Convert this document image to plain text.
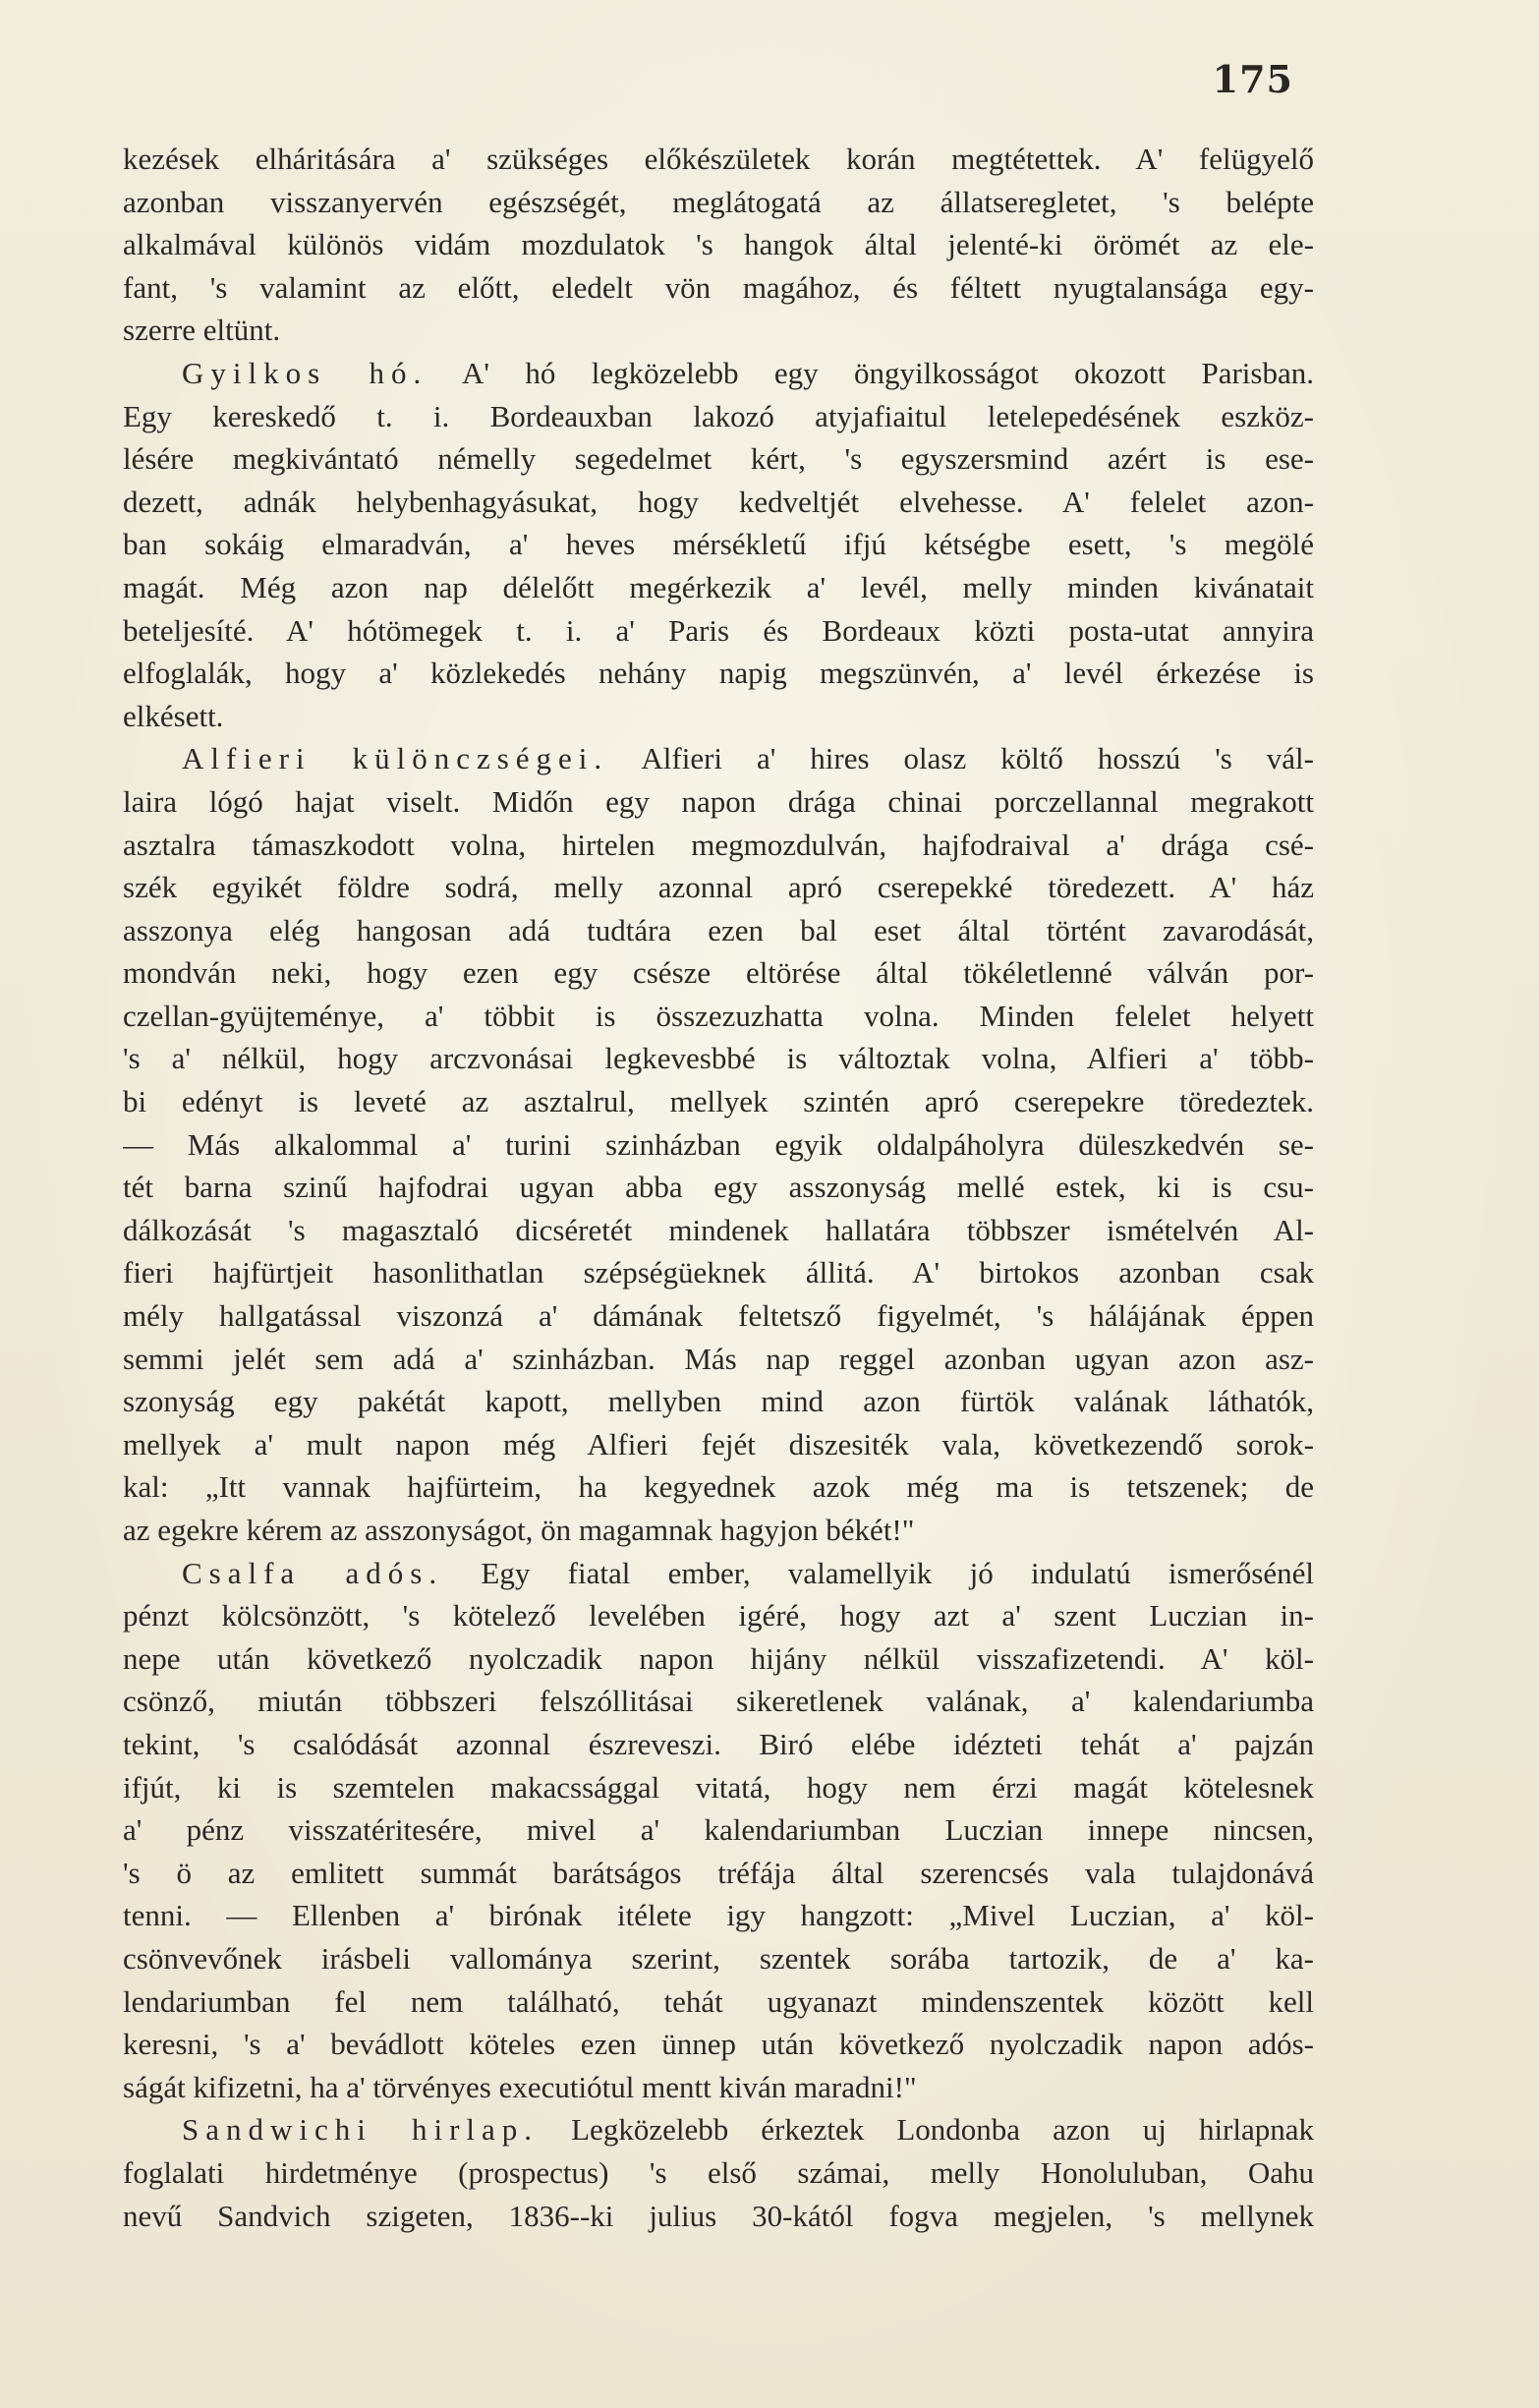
175
kezések elháritására a' szükséges előkészületek korán megtétettek. A' felügyelő
azonban visszanyervén egészségét, meglátogatá az állatseregletet, 's belépte
alkalmával különös vidám mozdulatok 's hangok által jelenté-ki örömét az ele-
fant, 's valamint az előtt, eledelt vön magához, és féltett nyugtalansága egy-
szerre eltünt.
Gyilkos hó. A' hó legközelebb egy öngyilkosságot okozott Parisban.
Egy kereskedő t. i. Bordeauxban lakozó atyjafiaitul letelepedésének eszköz-
lésére megkivántató némelly segedelmet kért, 's egyszersmind azért is ese-
dezett, adnák helybenhagyásukat, hogy kedveltjét elvehesse. A' felelet azon-
ban sokáig elmaradván, a' heves mérsékletű ifjú kétségbe esett, 's megölé
magát. Még azon nap délelőtt megérkezik a' levél, melly minden kivánatait
beteljesíté. A' hótömegek t. i. a' Paris és Bordeaux közti posta-utat annyira
elfoglalák, hogy a' közlekedés nehány napig megszünvén, a' levél érkezése is
elkésett.
Alfieri különczségei. Alfieri a' hires olasz költő hosszú 's vál-
laira lógó hajat viselt. Midőn egy napon drága chinai porczellannal megrakott
asztalra támaszkodott volna, hirtelen megmozdulván, hajfodraival a' drága csé-
szék egyikét földre sodrá, melly azonnal apró cserepekké töredezett. A' ház
asszonya elég hangosan adá tudtára ezen bal eset által történt zavarodását,
mondván neki, hogy ezen egy csésze eltörése által tökéletlenné válván por-
czellan-gyüjteménye, a' többit is összezuzhatta volna. Minden felelet helyett
's a' nélkül, hogy arczvonásai legkevesbbé is változtak volna, Alfieri a' több-
bi edényt is leveté az asztalrul, mellyek szintén apró cserepekre töredeztek.
— Más alkalommal a' turini szinházban egyik oldalpáholyra düleszkedvén se-
tét barna szinű hajfodrai ugyan abba egy asszonyság mellé estek, ki is csu-
dálkozását 's magasztaló dicséretét mindenek hallatára többszer ismételvén Al-
fieri hajfürtjeit hasonlithatlan szépségüeknek állitá. A' birtokos azonban csak
mély hallgatással viszonzá a' dámának feltetsző figyelmét, 's hálájának éppen
semmi jelét sem adá a' szinházban. Más nap reggel azonban ugyan azon asz-
szonyság egy pakétát kapott, mellyben mind azon fürtök valának láthatók,
mellyek a' mult napon még Alfieri fejét diszesiték vala, következendő sorok-
kal: „Itt vannak hajfürteim, ha kegyednek azok még ma is tetszenek; de
az egekre kérem az asszonyságot, ön magamnak hagyjon békét!"
Csalfa adós. Egy fiatal ember, valamellyik jó indulatú ismerősénél
pénzt kölcsönzött, 's kötelező levelében igéré, hogy azt a' szent Luczian in-
nepe után következő nyolczadik napon hijány nélkül visszafizetendi. A' köl-
csönző, miután többszeri felszóllitásai sikeretlenek valának, a' kalendariumba
tekint, 's csalódását azonnal észreveszi. Biró elébe idézteti tehát a' pajzán
ifjút, ki is szemtelen makacssággal vitatá, hogy nem érzi magát kötelesnek
a' pénz visszatéritesére, mivel a' kalendariumban Luczian innepe nincsen,
's ö az emlitett summát barátságos tréfája által szerencsés vala tulajdonává
tenni. — Ellenben a' birónak itélete igy hangzott: „Mivel Luczian, a' köl-
csönvevőnek irásbeli vallománya szerint, szentek sorába tartozik, de a' ka-
lendariumban fel nem található, tehát ugyanazt mindenszentek között kell
keresni, 's a' bevádlott köteles ezen ünnep után következő nyolczadik napon adós-
ságát kifizetni, ha a' törvényes executiótul mentt kiván maradni!"
Sandwichi hirlap. Legközelebb érkeztek Londonba azon uj hirlapnak
foglalati hirdetménye (prospectus) 's első számai, melly Honoluluban, Oahu
nevű Sandvich szigeten, 1836--ki julius 30-kától fogva megjelen, 's mellynek
